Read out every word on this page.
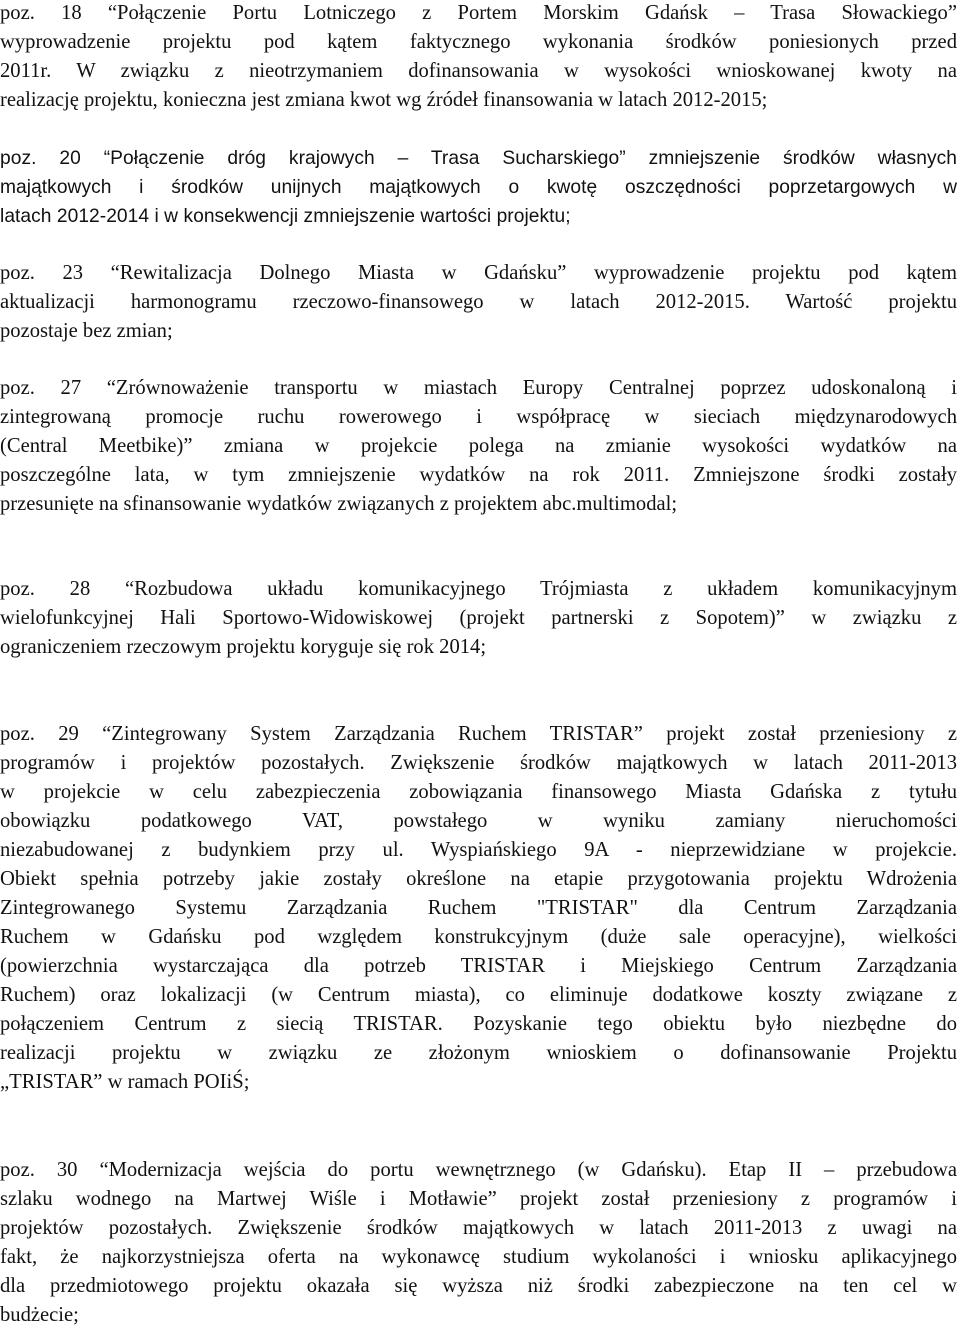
poz. 18 “Połączenie Portu Lotniczego z Portem Morskim Gdańsk – Trasa Słowackiego”
wyprowadzenie projektu pod kątem faktycznego wykonania środków poniesionych przed
2011r. W związku z nieotrzymaniem dofinansowania w wysokości wnioskowanej kwoty na
realizację projektu, konieczna jest zmiana kwot wg źródeł finansowania w latach 2012-2015;
poz. 20 “Połączenie dróg krajowych – Trasa Sucharskiego” zmniejszenie środków własnych
majątkowych i środków unijnych majątkowych o kwotę oszczędności poprzetargowych w
latach 2012-2014 i w konsekwencji zmniejszenie wartości projektu;
poz. 23 “Rewitalizacja Dolnego Miasta w Gdańsku” wyprowadzenie projektu pod kątem
aktualizacji harmonogramu rzeczowo-finansowego w latach 2012-2015. Wartość projektu
pozostaje bez zmian;
poz. 27 “Zrównoważenie transportu w miastach Europy Centralnej poprzez udoskonaloną i
zintegrowaną promocje ruchu rowerowego i współpracę w sieciach międzynarodowych
(Central Meetbike)” zmiana w projekcie polega na zmianie wysokości wydatków na
poszczególne lata, w tym zmniejszenie wydatków na rok 2011. Zmniejszone środki zostały
przesunięte na sfinansowanie wydatków związanych z projektem abc.multimodal;
poz. 28 “Rozbudowa układu komunikacyjnego Trójmiasta z układem komunikacyjnym
wielofunkcyjnej Hali Sportowo-Widowiskowej (projekt partnerski z Sopotem)” w związku z
ograniczeniem rzeczowym projektu koryguje się rok 2014;
poz. 29 “Zintegrowany System Zarządzania Ruchem TRISTAR” projekt został przeniesiony z
programów i projektów pozostałych. Zwiększenie środków majątkowych w latach 2011-2013
w projekcie w celu zabezpieczenia zobowiązania finansowego Miasta Gdańska z tytułu
obowiązku podatkowego VAT, powstałego w wyniku zamiany nieruchomości
niezabudowanej z budynkiem przy ul. Wyspiańskiego 9A - nieprzewidziane w projekcie.
Obiekt spełnia potrzeby jakie zostały określone na etapie przygotowania projektu Wdrożenia
Zintegrowanego Systemu Zarządzania Ruchem "TRISTAR" dla Centrum Zarządzania
Ruchem w Gdańsku pod względem konstrukcyjnym (duże sale operacyjne), wielkości
(powierzchnia wystarczająca dla potrzeb TRISTAR i Miejskiego Centrum Zarządzania
Ruchem) oraz lokalizacji (w Centrum miasta), co eliminuje dodatkowe koszty związane z
połączeniem Centrum z siecią TRISTAR. Pozyskanie tego obiektu było niezbędne do
realizacji projektu w związku ze złożonym wnioskiem o dofinansowanie Projektu
„TRISTAR” w ramach POIiŚ;
poz. 30 “Modernizacja wejścia do portu wewnętrznego (w Gdańsku). Etap II – przebudowa
szlaku wodnego na Martwej Wiśle i Motławie” projekt został przeniesiony z programów i
projektów pozostałych. Zwiększenie środków majątkowych w latach 2011-2013 z uwagi na
fakt, że najkorzystniejsza oferta na wykonawcę studium wykolaności i wniosku aplikacyjnego
dla przedmiotowego projektu okazała się wyższa niż środki zabezpieczone na ten cel w
budżecie;
